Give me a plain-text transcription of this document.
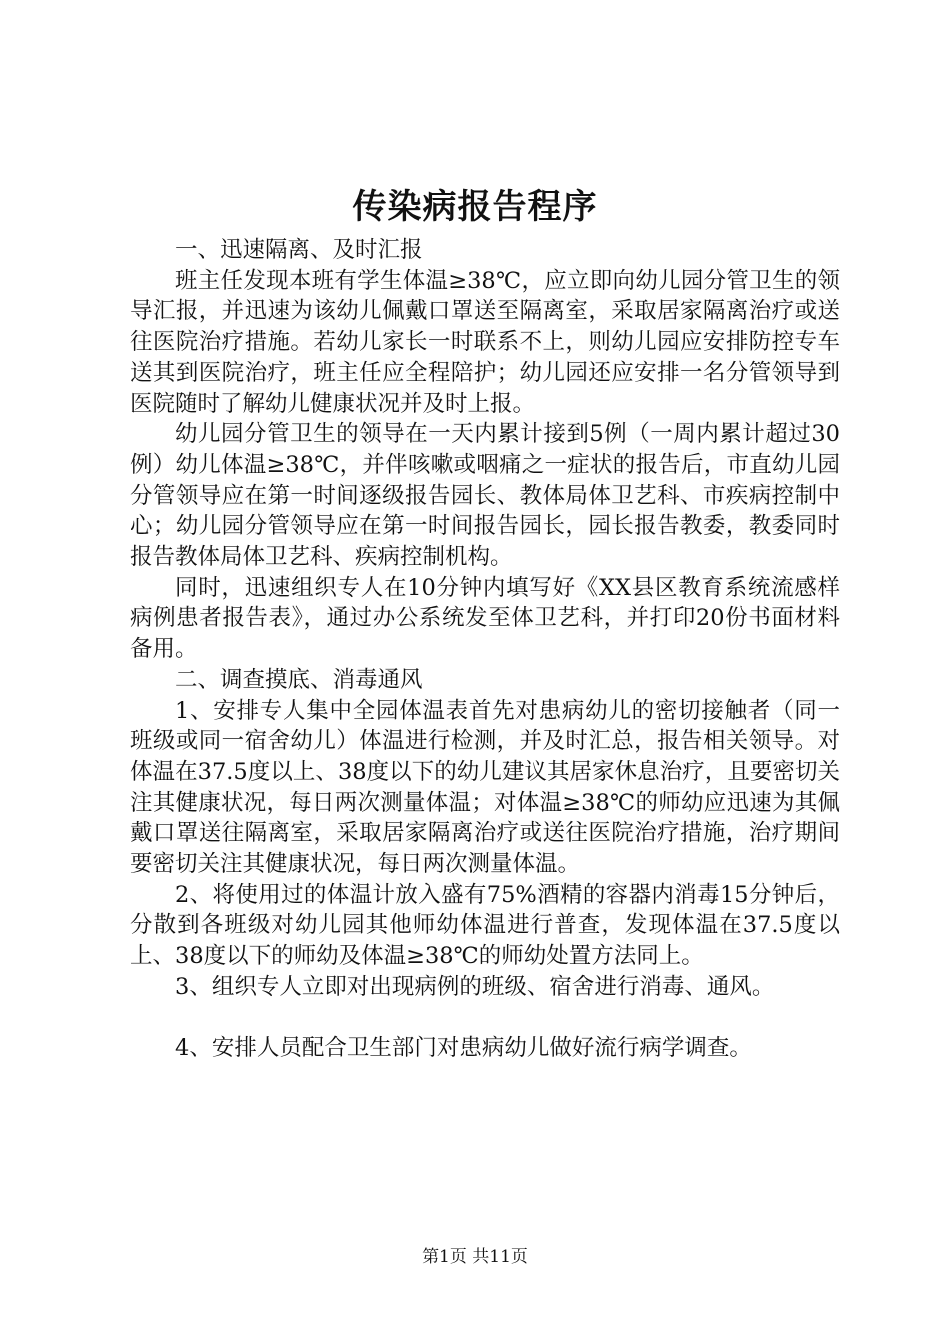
传染病报告程序

一、迅速隔离、及时汇报

班主任发现本班有学生体温≥38℃，应立即向幼儿园分管卫生的领导汇报，并迅速为该幼儿佩戴口罩送至隔离室，采取居家隔离治疗或送往医院治疗措施。若幼儿家长一时联系不上，则幼儿园应安排防控专车送其到医院治疗，班主任应全程陪护；幼儿园还应安排一名分管领导到医院随时了解幼儿健康状况并及时上报。

幼儿园分管卫生的领导在一天内累计接到5例（一周内累计超过30例）幼儿体温≥38℃，并伴咳嗽或咽痛之一症状的报告后，市直幼儿园分管领导应在第一时间逐级报告园长、教体局体卫艺科、市疾病控制中心；幼儿园分管领导应在第一时间报告园长，园长报告教委，教委同时报告教体局体卫艺科、疾病控制机构。

同时，迅速组织专人在10分钟内填写好《XX县区教育系统流感样病例患者报告表》，通过办公系统发至体卫艺科，并打印20份书面材料备用。

二、调查摸底、消毒通风

1、安排专人集中全园体温表首先对患病幼儿的密切接触者（同一班级或同一宿舍幼儿）体温进行检测，并及时汇总，报告相关领导。对体温在37.5度以上、38度以下的幼儿建议其居家休息治疗，且要密切关注其健康状况，每日两次测量体温；对体温≥38℃的师幼应迅速为其佩戴口罩送往隔离室，采取居家隔离治疗或送往医院治疗措施，治疗期间要密切关注其健康状况，每日两次测量体温。

2、将使用过的体温计放入盛有75%酒精的容器内消毒15分钟后，分散到各班级对幼儿园其他师幼体温进行普查，发现体温在37.5度以上、38度以下的师幼及体温≥38℃的师幼处置方法同上。

3、组织专人立即对出现病例的班级、宿舍进行消毒、通风。

4、安排人员配合卫生部门对患病幼儿做好流行病学调查。

第1页 共11页
